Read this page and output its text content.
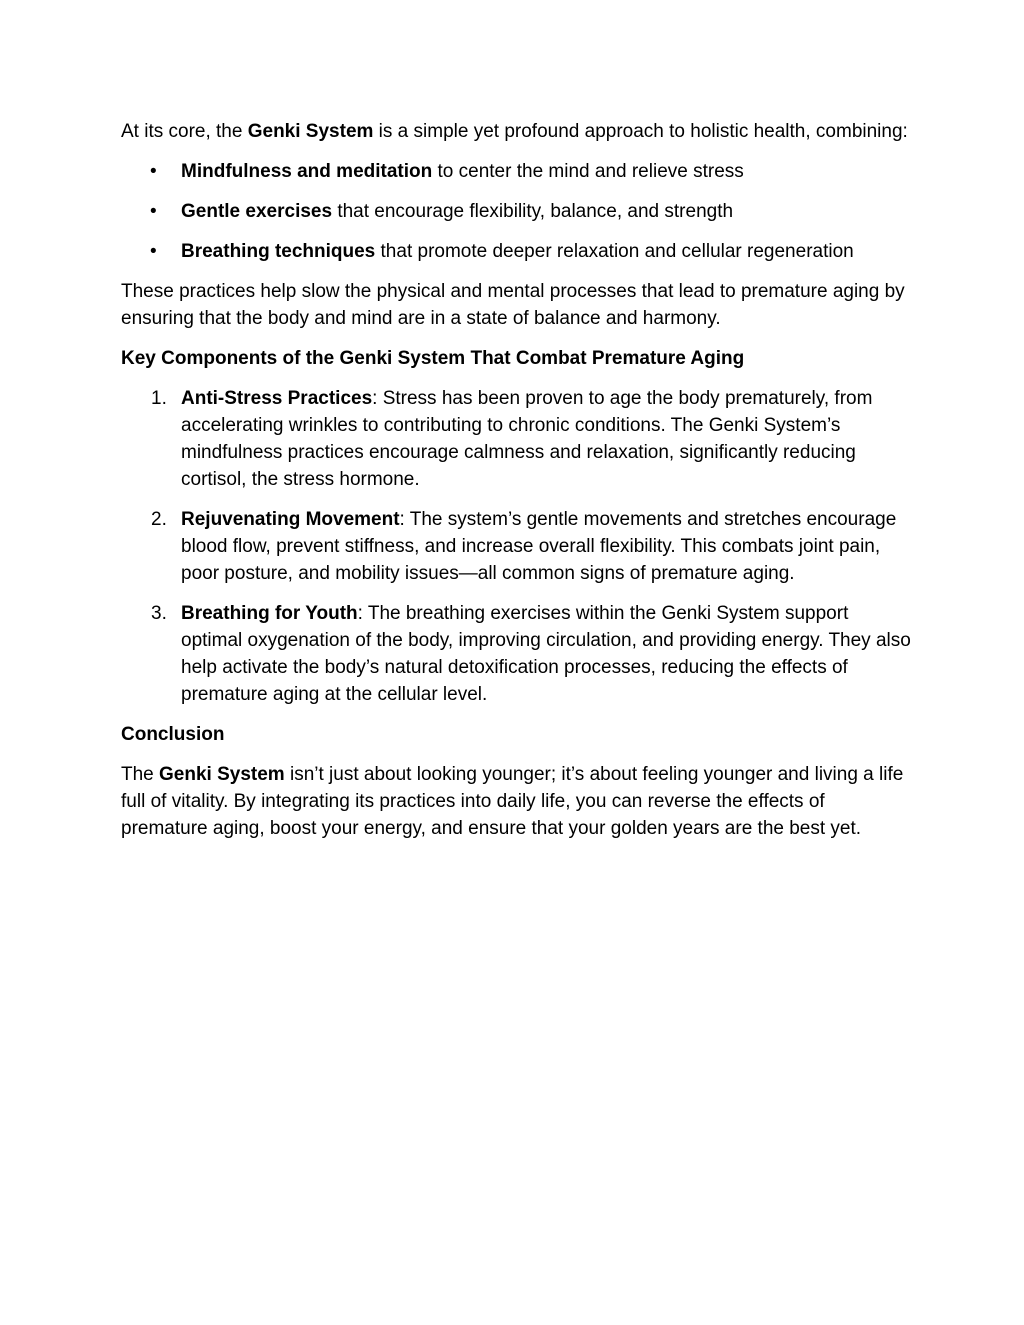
At its core, the Genki System is a simple yet profound approach to holistic health, combining:

• Mindfulness and meditation to center the mind and relieve stress
• Gentle exercises that encourage flexibility, balance, and strength
• Breathing techniques that promote deeper relaxation and cellular regeneration

These practices help slow the physical and mental processes that lead to premature aging by ensuring that the body and mind are in a state of balance and harmony.

Key Components of the Genki System That Combat Premature Aging

1. Anti-Stress Practices: Stress has been proven to age the body prematurely, from accelerating wrinkles to contributing to chronic conditions. The Genki System’s mindfulness practices encourage calmness and relaxation, significantly reducing cortisol, the stress hormone.
2. Rejuvenating Movement: The system’s gentle movements and stretches encourage blood flow, prevent stiffness, and increase overall flexibility. This combats joint pain, poor posture, and mobility issues—all common signs of premature aging.
3. Breathing for Youth: The breathing exercises within the Genki System support optimal oxygenation of the body, improving circulation, and providing energy. They also help activate the body’s natural detoxification processes, reducing the effects of premature aging at the cellular level.

Conclusion

The Genki System isn’t just about looking younger; it’s about feeling younger and living a life full of vitality. By integrating its practices into daily life, you can reverse the effects of premature aging, boost your energy, and ensure that your golden years are the best yet.
